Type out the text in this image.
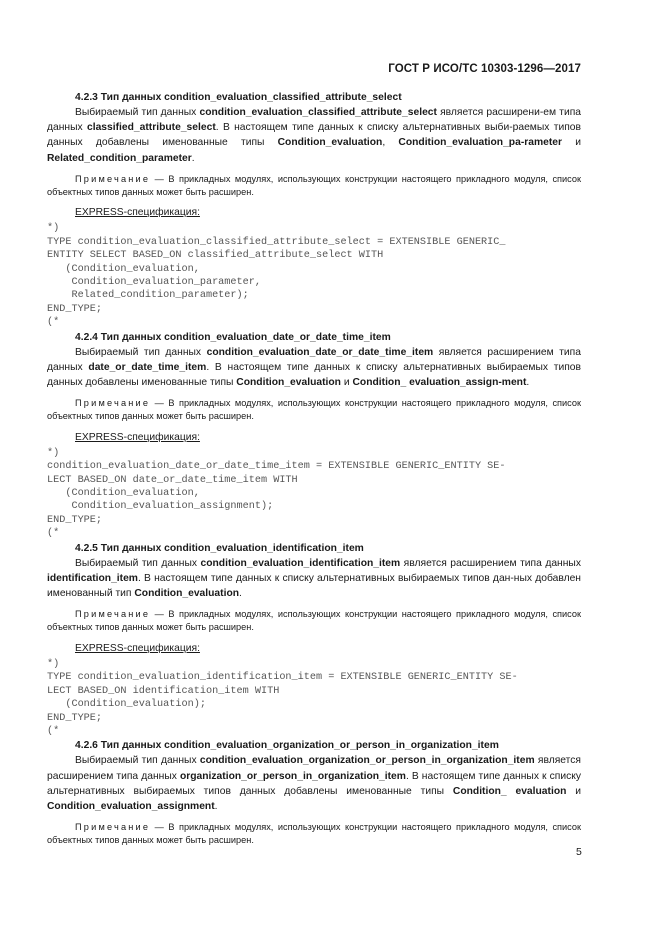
ГОСТ Р ИСО/ТС 10303-1296—2017
4.2.3 Тип данных condition_evaluation_classified_attribute_select

Выбираемый тип данных condition_evaluation_classified_attribute_select является расширени-ем типа данных classified_attribute_select. В настоящем типе данных к списку альтернативных выби-раемых типов данных добавлены именованные типы Condition_evaluation, Condition_evaluation_pa-rameter и Related_condition_parameter.

Примечание — В прикладных модулях, использующих конструкции настоящего прикладного модуля, список объектных типов данных может быть расширен.

EXPRESS-спецификация:
*)
TYPE condition_evaluation_classified_attribute_select = EXTENSIBLE GENERIC_
ENTITY SELECT BASED_ON classified_attribute_select WITH
(Condition_evaluation,
Condition_evaluation_parameter,
Related_condition_parameter);
END_TYPE;
(*
4.2.4 Тип данных condition_evaluation_date_or_date_time_item

Выбираемый тип данных condition_evaluation_date_or_date_time_item является расширением типа данных date_or_date_time_item. В настоящем типе данных к списку альтернативных выбираемых типов данных добавлены именованные типы Condition_evaluation и Condition_ evaluation_assign-ment.

Примечание — В прикладных модулях, использующих конструкции настоящего прикладного модуля, список объектных типов данных может быть расширен.

EXPRESS-спецификация:
*)
condition_evaluation_date_or_date_time_item = EXTENSIBLE GENERIC_ENTITY SE-
LECT BASED_ON date_or_date_time_item WITH
(Condition_evaluation,
Condition_evaluation_assignment);
END_TYPE;
(*
4.2.5 Тип данных condition_evaluation_identification_item

Выбираемый тип данных condition_evaluation_identification_item является расширением типа данных identification_item. В настоящем типе данных к списку альтернативных выбираемых типов дан-ных добавлен именованный тип Condition_evaluation.

Примечание — В прикладных модулях, использующих конструкции настоящего прикладного модуля, список объектных типов данных может быть расширен.

EXPRESS-спецификация:
*)
TYPE condition_evaluation_identification_item = EXTENSIBLE GENERIC_ENTITY SE-
LECT BASED_ON identification_item WITH
(Condition_evaluation);
END_TYPE;
(*
4.2.6 Тип данных condition_evaluation_organization_or_person_in_organization_item

Выбираемый тип данных condition_evaluation_organization_or_person_in_organization_item является расширением типа данных organization_or_person_in_organization_item. В настоящем типе данных к списку альтернативных выбираемых типов данных добавлены именованные типы Condition_ evaluation и Condition_evaluation_assignment.

Примечание — В прикладных модулях, использующих конструкции настоящего прикладного модуля, список объектных типов данных может быть расширен.

5
